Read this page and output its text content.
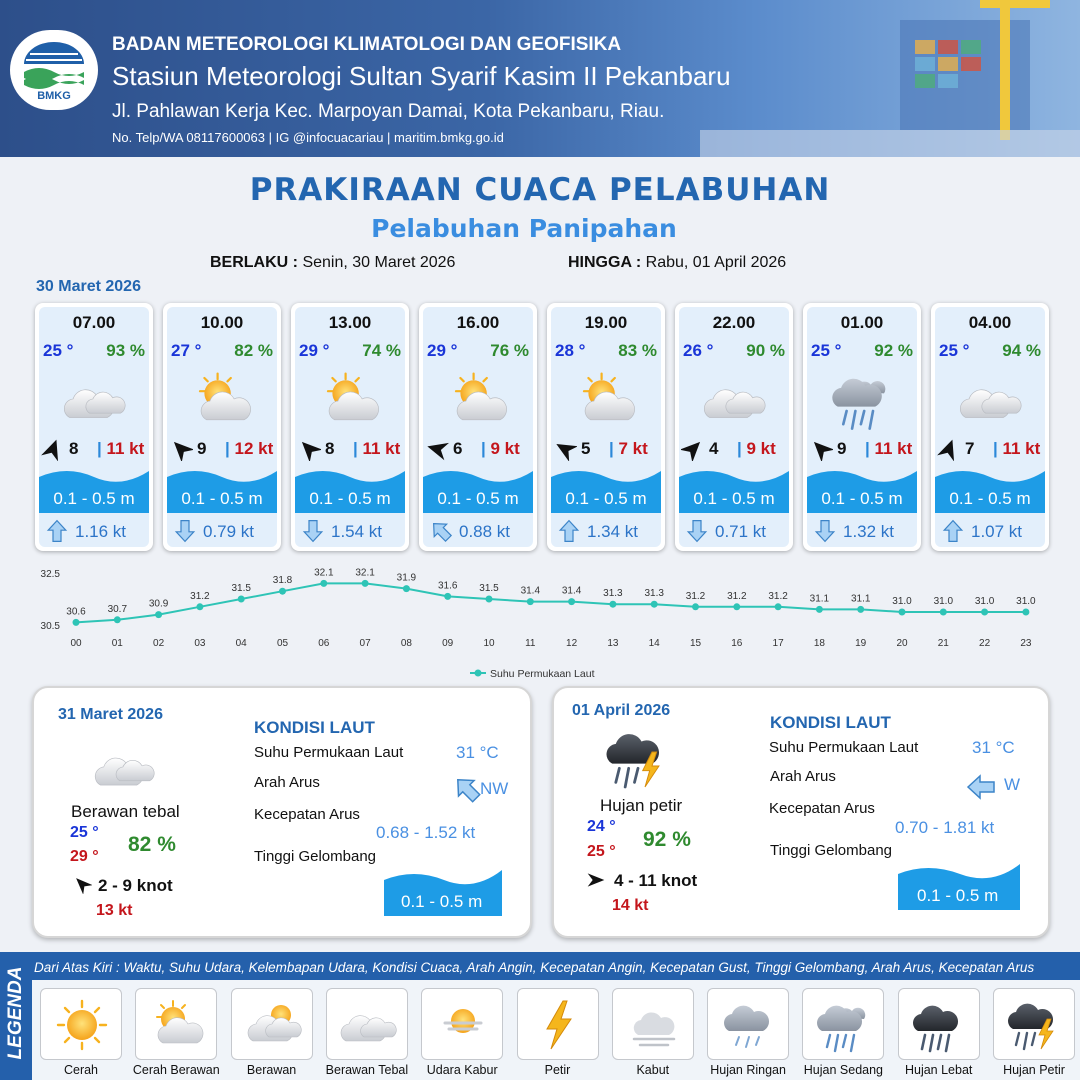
BMKG
BADAN METEOROLOGI KLIMATOLOGI DAN GEOFISIKA
Stasiun Meteorologi Sultan Syarif Kasim II Pekanbaru
Jl. Pahlawan Kerja Kec. Marpoyan Damai, Kota Pekanbaru, Riau.
No. Telp/WA 08117600063 | IG @infocuacariau | maritim.bmkg.go.id
PRAKIRAAN CUACA PELABUHAN
Pelabuhan Panipahan
BERLAKU : Senin, 30 Maret 2026	HINGGA : Rabu, 01 April 2026
30 Maret 2026
07.00
25 ° 93 %
8 | 11 kt
0.1 - 0.5 m
1.16 kt
10.00
27 ° 82 %
9 | 12 kt
0.1 - 0.5 m
0.79 kt
13.00
29 ° 74 %
8 | 11 kt
0.1 - 0.5 m
1.54 kt
16.00
29 ° 76 %
6 | 9 kt
0.1 - 0.5 m
0.88 kt
19.00
28 ° 83 %
5 | 7 kt
0.1 - 0.5 m
1.34 kt
22.00
26 ° 90 %
4 | 9 kt
0.1 - 0.5 m
0.71 kt
01.00
25 ° 92 %
9 | 11 kt
0.1 - 0.5 m
1.32 kt
04.00
25 ° 94 %
7 | 11 kt
0.1 - 0.5 m
1.07 kt
32.5
30.5
30.6
00
30.7
01
30.9
02
31.2
03
31.5
04
31.8
05
32.1
06
32.1
07
31.9
08
31.6
09
31.5
10
31.4
11
31.4
12
31.3
13
31.3
14
31.2
15
31.2
16
31.2
17
31.1
18
31.1
19
31.0
20
31.0
21
31.0
22
31.0
23
Suhu Permukaan Laut
31 Maret 2026
Berawan tebal
25 °
29 °
82 %
2 - 9 knot
13 kt
KONDISI LAUT
Suhu Permukaan Laut	31 °C
Arah Arus	NW
Kecepatan Arus
0.68 - 1.52 kt
Tinggi Gelombang
0.1 - 0.5 m
01 April 2026
Hujan petir
24 °
25 °
92 %
4 - 11 knot
14 kt
KONDISI LAUT
Suhu Permukaan Laut	31 °C
Arah Arus	W
Kecepatan Arus
0.70 - 1.81 kt
Tinggi Gelombang
0.1 - 0.5 m
LEGENDA Dari Atas Kiri : Waktu, Suhu Udara, Kelembapan Udara, Kondisi Cuaca, Arah Angin, Kecepatan Angin, Kecepatan Gust, Tinggi Gelombang, Arah Arus, Kecepatan Arus
Cerah	Cerah Berawan	Berawan	Berawan Tebal	Udara Kabur	Petir	Kabut	Hujan Ringan	Hujan Sedang	Hujan Lebat	Hujan Petir
